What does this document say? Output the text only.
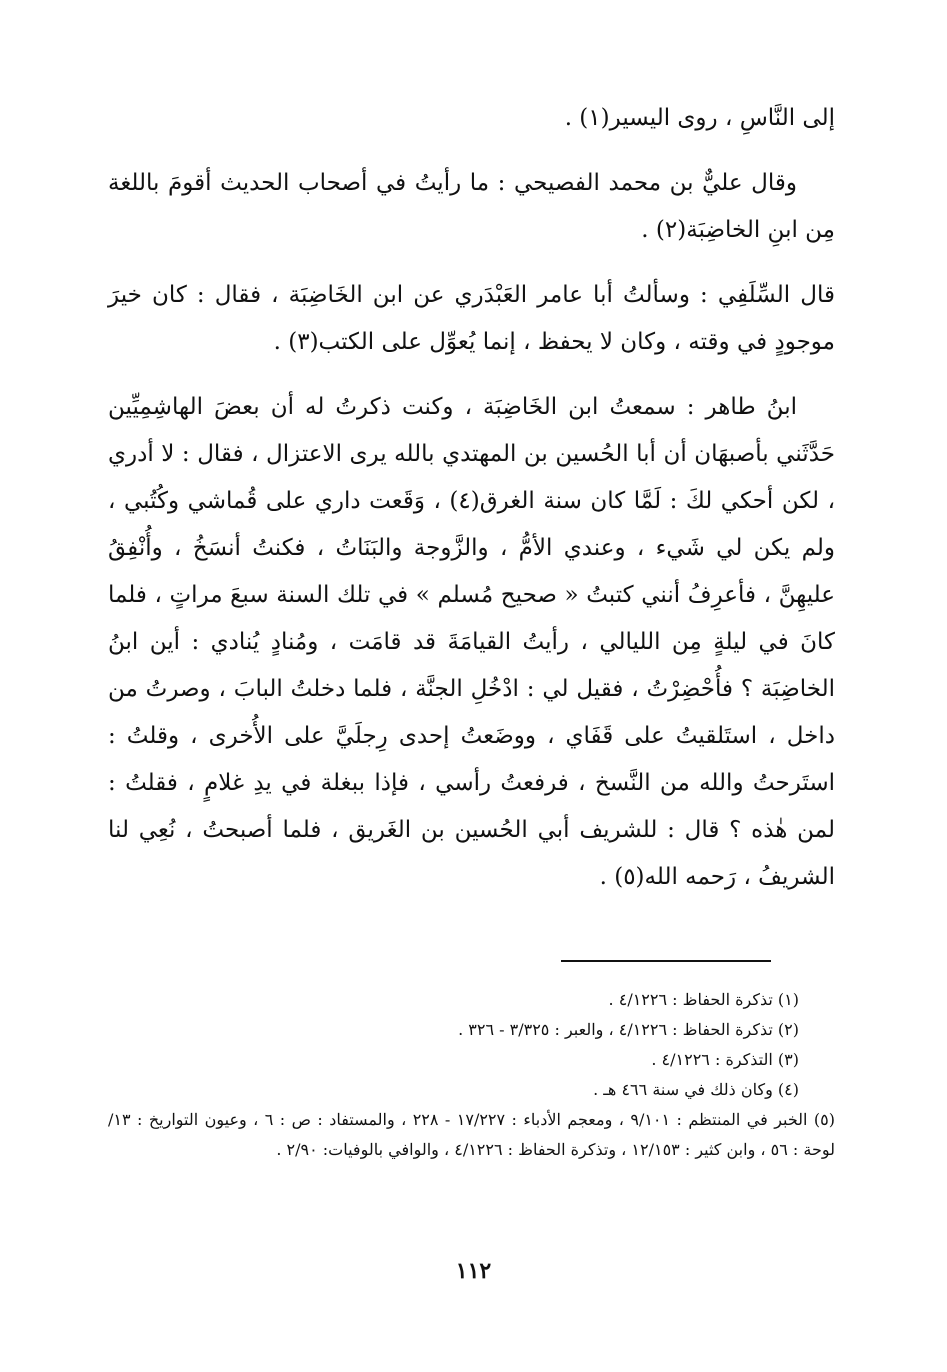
إلى النَّاسِ ، روى اليسير(١) .

وقال عليٌّ بن محمد الفصيحي : ما رأيتُ في أصحاب الحديث أقومَ باللغة مِن ابنِ الخاضِبَة(٢) .

قال السِّلَفِي : وسألتُ أبا عامر العَبْدَري عن ابن الخَاضِبَة ، فقال : كان خيرَ موجودٍ في وقته ، وكان لا يحفظ ، إنما يُعوِّل على الكتب(٣) .

ابنُ طاهر : سمعتُ ابن الخَاضِبَة ، وكنت ذكرتُ له أن بعضَ الهاشِمِيِّين حَدَّثَني بأصبهَان أن أبا الحُسين بن المهتدي بالله يرى الاعتزال ، فقال : لا أدري ، لكن أحكي لكَ : لَمَّا كان سنة الغرق(٤) ، وَقَعت داري على قُماشي وكُتُبي ، ولم يكن لي شَيء ، وعندي الأمُّ ، والزَّوجة والبَنَاتُ ، فكنتُ أنسَخُ ، وأُنْفِقُ عليهِنَّ ، فأعرِفُ أنني كتبتُ « صحيح مُسلم » في تلك السنة سبعَ مراتٍ ، فلما كانَ في ليلةٍ مِن الليالي ، رأيتُ القيامَةَ قد قامَت ، ومُنادٍ يُنادي : أين ابنُ الخاضِبَة ؟ فأُحْضِرْتُ ، فقيل لي : ادْخُلِ الجنَّة ، فلما دخلتُ البابَ ، وصرتُ من داخل ، استَلقيتُ على قَفَاي ، ووضَعتُ إحدى رِجلَيَّ على الأُخرى ، وقلتُ : استَرحتُ والله من النَّسخ ، فرفعتُ رأسي ، فإذا ببغلة في يدِ غلامٍ ، فقلتُ : لمن هٰذه ؟ قال : للشريف أبي الحُسين بن الغَريق ، فلما أصبحتُ ، نُعِي لنا الشريفُ ، رَحمه الله(٥) .

(١) تذكرة الحفاظ : ٤/١٢٢٦ .

(٢) تذكرة الحفاظ : ٤/١٢٢٦ ، والعبر : ٣/٣٢٥ - ٣٢٦ .

(٣) التذكرة : ٤/١٢٢٦ .

(٤) وكان ذلك في سنة ٤٦٦ هـ .

(٥) الخبر في المنتظم : ٩/١٠١ ، ومعجم الأدباء : ١٧/٢٢٧ - ٢٢٨ ، والمستفاد : ص : ٦ ، وعيون التواريخ : ١٣/ لوحة : ٥٦ ، وابن كثير : ١٢/١٥٣ ، وتذكرة الحفاظ : ٤/١٢٢٦ ، والوافي بالوفيات: ٢/٩٠ .

١١٢
